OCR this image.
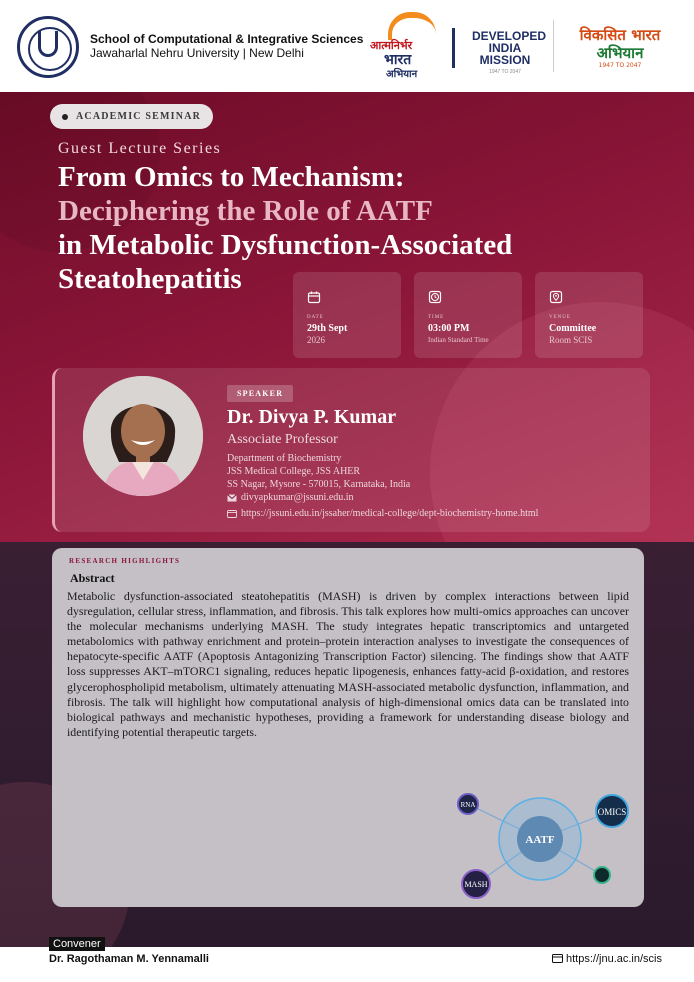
School of Computational & Integrative Sciences
Jawaharlal Nehru University | New Delhi
आत्मनिर्भर
भारत
अभियान
DEVELOPED
INDIA
MISSION
1947 TO 2047
विकसित भारत
अभियान
1947 TO 2047
ACADEMIC SEMINAR
Guest Lecture Series
From Omics to Mechanism:
Deciphering the Role of AATF
in Metabolic Dysfunction-Associated
Steatohepatitis
DATE
29th Sept
2026
TIME
03:00 PM
Indian Standard Time
VENUE
Committee
Room SCIS
SPEAKER
Dr. Divya P. Kumar
Associate Professor
Department of Biochemistry
JSS Medical College, JSS AHER
SS Nagar, Mysore - 570015, Karnataka, India
divyapkumar@jssuni.edu.in
https://jssuni.edu.in/jssaher/medical-college/dept-biochemistry-home.html
RESEARCH HIGHLIGHTS
Abstract
Metabolic dysfunction-associated steatohepatitis (MASH) is driven by complex interactions between lipid dysregulation, cellular stress, inflammation, and fibrosis. This talk explores how multi-omics approaches can uncover the molecular mechanisms underlying MASH. The study integrates hepatic transcriptomics and untargeted metabolomics with pathway enrichment and protein–protein interaction analyses to investigate the consequences of hepatocyte-specific AATF (Apoptosis Antagonizing Transcription Factor) silencing. The findings show that AATF loss suppresses AKT–mTORC1 signaling, reduces hepatic lipogenesis, enhances fatty-acid β-oxidation, and restores glycerophospholipid metabolism, ultimately attenuating MASH-associated metabolic dysfunction, inflammation, and fibrosis. The talk will highlight how computational analysis of high-dimensional omics data can be translated into biological pathways and mechanistic hypotheses, providing a framework for understanding disease biology and identifying potential therapeutic targets.
AATF
RNA
OMICS
MASH
Convener
Dr. Ragothaman M. Yennamalli	https://jnu.ac.in/scis
